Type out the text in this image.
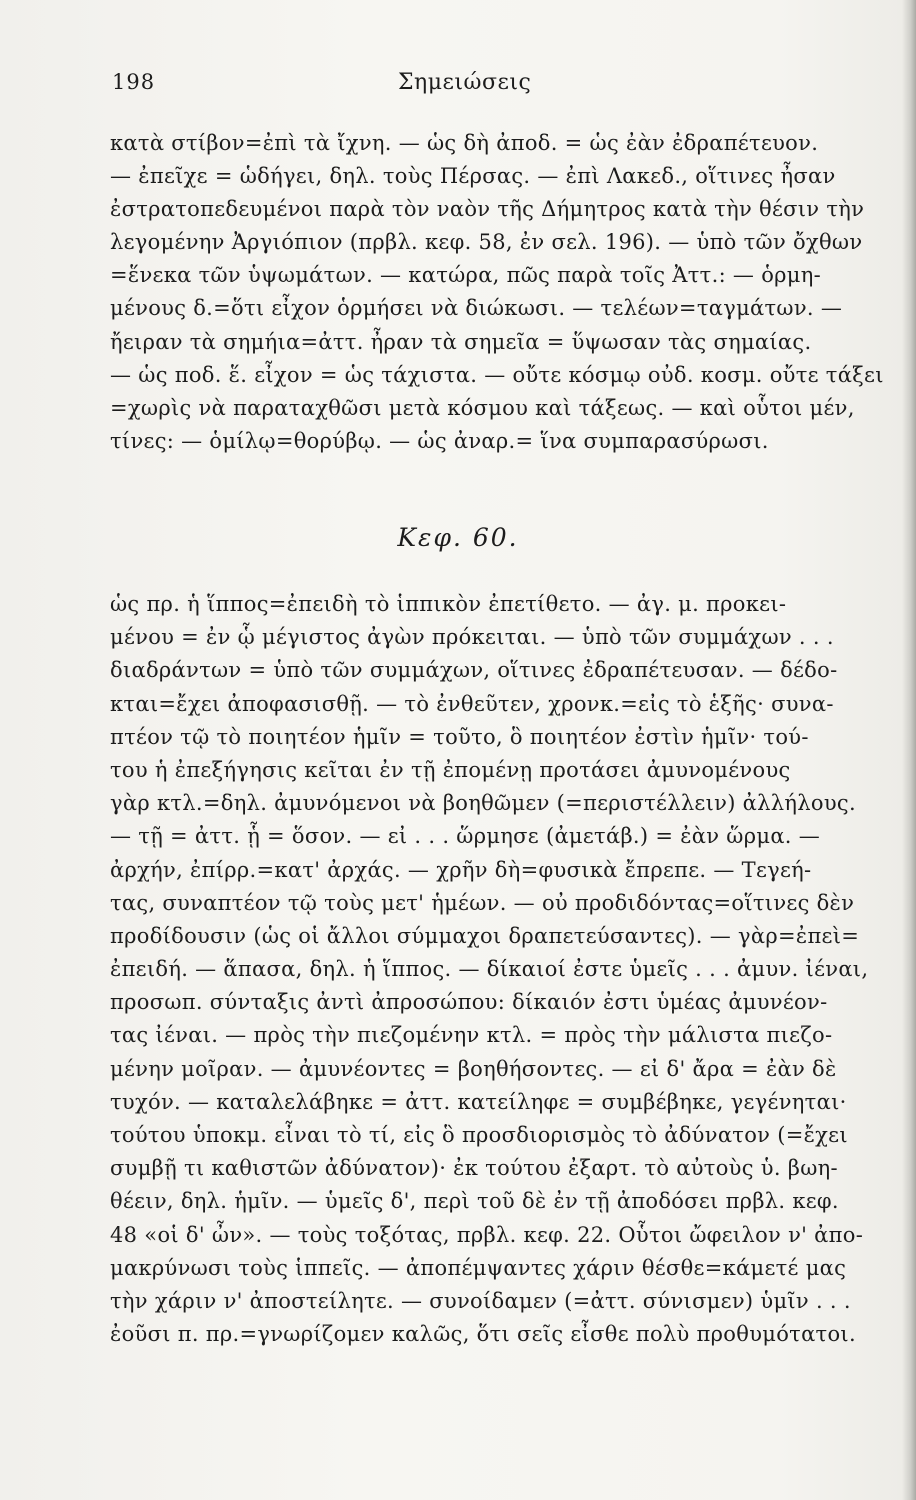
198	Σημειώσεις
κατὰ στίβον=ἐπὶ τὰ ἴχνη. — ὡς δὴ ἀποδ. = ὡς ἐὰν ἐδραπέτευον.
— ἐπεῖχε = ὡδήγει, δηλ. τοὺς Πέρσας. — ἐπὶ Λακεδ., οἵτινες ἦσαν
ἐστρατοπεδευμένοι παρὰ τὸν ναὸν τῆς Δήμητρος κατὰ τὴν θέσιν τὴν
λεγομένην Ἀργιόπιον (πρβλ. κεφ. 58, ἐν σελ. 196). — ὑπὸ τῶν ὄχθων
=ἕνεκα τῶν ὑψωμάτων. — κατώρα, πῶς παρὰ τοῖς Ἀττ.: — ὁρμη-
μένους δ.=ὅτι εἶχον ὁρμήσει νὰ διώκωσι. — τελέων=ταγμάτων. —
ἤειραν τὰ σημήια=ἀττ. ἦραν τὰ σημεῖα = ὕψωσαν τὰς σημαίας.
— ὡς ποδ. ἕ. εἶχον = ὡς τάχιστα. — οὔτε κόσμῳ οὐδ. κοσμ. οὔτε τάξει
=χωρὶς νὰ παραταχθῶσι μετὰ κόσμου καὶ τάξεως. — καὶ οὗτοι μέν,
τίνες: — ὁμίλῳ=θορύβῳ. — ὡς ἀναρ.= ἵνα συμπαρασύρωσι.
Κεφ. 60.
ὡς πρ. ἡ ἵππος=ἐπειδὴ τὸ ἱππικὸν ἐπετίθετο. — ἀγ. μ. προκει-
μένου = ἐν ᾧ μέγιστος ἀγὼν πρόκειται. — ὑπὸ τῶν συμμάχων . . .
διαδράντων = ὑπὸ τῶν συμμάχων, οἵτινες ἐδραπέτευσαν. — δέδο-
κται=ἔχει ἀποφασισθῇ. — τὸ ἐνθεῦτεν, χρονκ.=εἰς τὸ ἑξῆς· συνα-
πτέον τῷ τὸ ποιητέον ἡμῖν = τοῦτο, ὃ ποιητέον ἐστὶν ἡμῖν· τού-
του ἡ ἐπεξήγησις κεῖται ἐν τῇ ἐπομένῃ προτάσει ἀμυνομένους
γὰρ κτλ.=δηλ. ἀμυνόμενοι νὰ βοηθῶμεν (=περιστέλλειν) ἀλλήλους.
— τῇ = ἀττ. ᾗ = ὅσον. — εἰ . . . ὥρμησε (ἀμετάβ.) = ἐὰν ὥρμα. —
ἀρχήν, ἐπίρρ.=κατ' ἀρχάς. — χρῆν δὴ=φυσικὰ ἔπρεπε. — Τεγεή-
τας, συναπτέον τῷ τοὺς μετ' ἡμέων. — οὐ προδιδόντας=οἵτινες δὲν
προδίδουσιν (ὡς οἱ ἄλλοι σύμμαχοι δραπετεύσαντες). — γὰρ=ἐπεὶ=
ἐπειδή. — ἅπασα, δηλ. ἡ ἵππος. — δίκαιοί ἐστε ὑμεῖς . . . ἀμυν. ἰέναι,
προσωπ. σύνταξις ἀντὶ ἀπροσώπου: δίκαιόν ἐστι ὑμέας ἀμυνέον-
τας ἰέναι. — πρὸς τὴν πιεζομένην κτλ. = πρὸς τὴν μάλιστα πιεζο-
μένην μοῖραν. — ἀμυνέοντες = βοηθήσοντες. — εἰ δ' ἄρα = ἐὰν δὲ
τυχόν. — καταλελάβηκε = ἀττ. κατείληφε = συμβέβηκε, γεγένηται·
τούτου ὑποκμ. εἶναι τὸ τί, εἰς ὃ προσδιορισμὸς τὸ ἀδύνατον (=ἔχει
συμβῇ τι καθιστῶν ἀδύνατον)· ἐκ τούτου ἐξαρτ. τὸ αὐτοὺς ὑ. βωη-
θέειν, δηλ. ἡμῖν. — ὑμεῖς δ', περὶ τοῦ δὲ ἐν τῇ ἀποδόσει πρβλ. κεφ.
48 «οἱ δ' ὦν». — τοὺς τοξότας, πρβλ. κεφ. 22. Οὗτοι ὤφειλον ν' ἀπο-
μακρύνωσι τοὺς ἱππεῖς. — ἀποπέμψαντες χάριν θέσθε=κάμετέ μας
τὴν χάριν ν' ἀποστείλητε. — συνοίδαμεν (=ἀττ. σύνισμεν) ὑμῖν . . .
ἐοῦσι π. πρ.=γνωρίζομεν καλῶς, ὅτι σεῖς εἶσθε πολὺ προθυμότατοι.
